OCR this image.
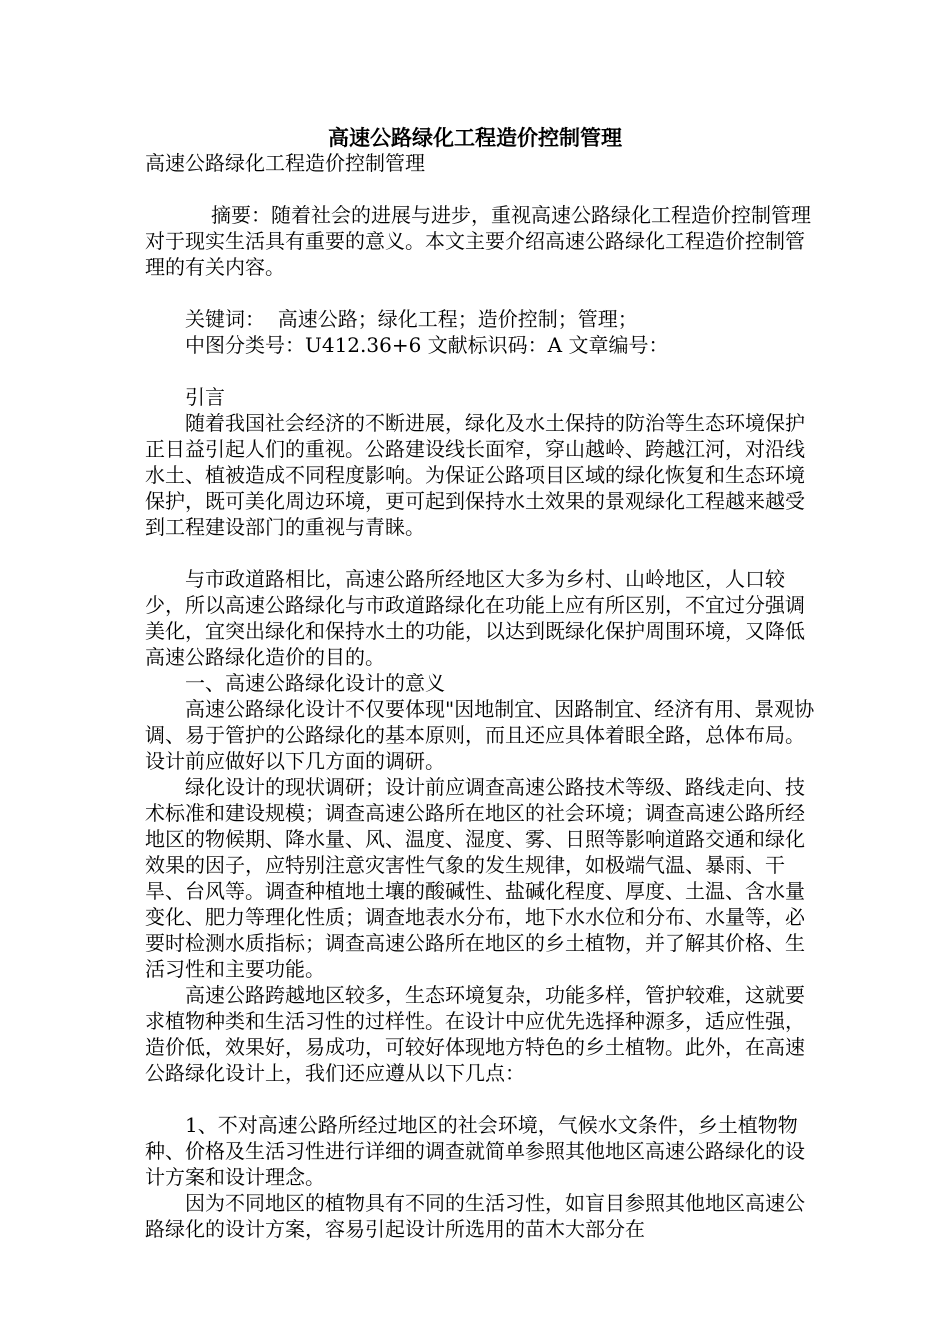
高速公路绿化工程造价控制管理

高速公路绿化工程造价控制管理

摘要：随着社会的进展与进步，重视高速公路绿化工程造价控制管理对于现实生活具有重要的意义。本文主要介绍高速公路绿化工程造价控制管理的有关内容。

关键词：  高速公路；绿化工程；造价控制；管理；

中图分类号：U412.36+6 文献标识码：A 文章编号：

引言

随着我国社会经济的不断进展，绿化及水土保持的防治等生态环境保护正日益引起人们的重视。公路建设线长面窄，穿山越岭、跨越江河，对沿线水土、植被造成不同程度影响。为保证公路项目区域的绿化恢复和生态环境保护，既可美化周边环境，更可起到保持水土效果的景观绿化工程越来越受到工程建设部门的重视与青睐。

与市政道路相比，高速公路所经地区大多为乡村、山岭地区，人口较少，所以高速公路绿化与市政道路绿化在功能上应有所区别，不宜过分强调美化，宜突出绿化和保持水土的功能，以达到既绿化保护周围环境，又降低高速公路绿化造价的目的。

一、高速公路绿化设计的意义

高速公路绿化设计不仅要体现"因地制宜、因路制宜、经济有用、景观协调、易于管护的公路绿化的基本原则，而且还应具体着眼全路，总体布局。设计前应做好以下几方面的调研。

绿化设计的现状调研；设计前应调查高速公路技术等级、路线走向、技术标准和建设规模；调查高速公路所在地区的社会环境；调查高速公路所经地区的物候期、降水量、风、温度、湿度、雾、日照等影响道路交通和绿化效果的因子，应特别注意灾害性气象的发生规律，如极端气温、暴雨、干旱、台风等。调查种植地土壤的酸碱性、盐碱化程度、厚度、土温、含水量变化、肥力等理化性质；调查地表水分布，地下水水位和分布、水量等，必要时检测水质指标；调查高速公路所在地区的乡土植物，并了解其价格、生活习性和主要功能。

高速公路跨越地区较多，生态环境复杂，功能多样，管护较难，这就要求植物种类和生活习性的过样性。在设计中应优先选择种源多，适应性强，造价低，效果好，易成功，可较好体现地方特色的乡土植物。此外，在高速公路绿化设计上，我们还应遵从以下几点：

1、不对高速公路所经过地区的社会环境，气候水文条件，乡土植物物种、价格及生活习性进行详细的调查就简单参照其他地区高速公路绿化的设计方案和设计理念。

因为不同地区的植物具有不同的生活习性，如盲目参照其他地区高速公路绿化的设计方案，容易引起设计所选用的苗木大部分在
